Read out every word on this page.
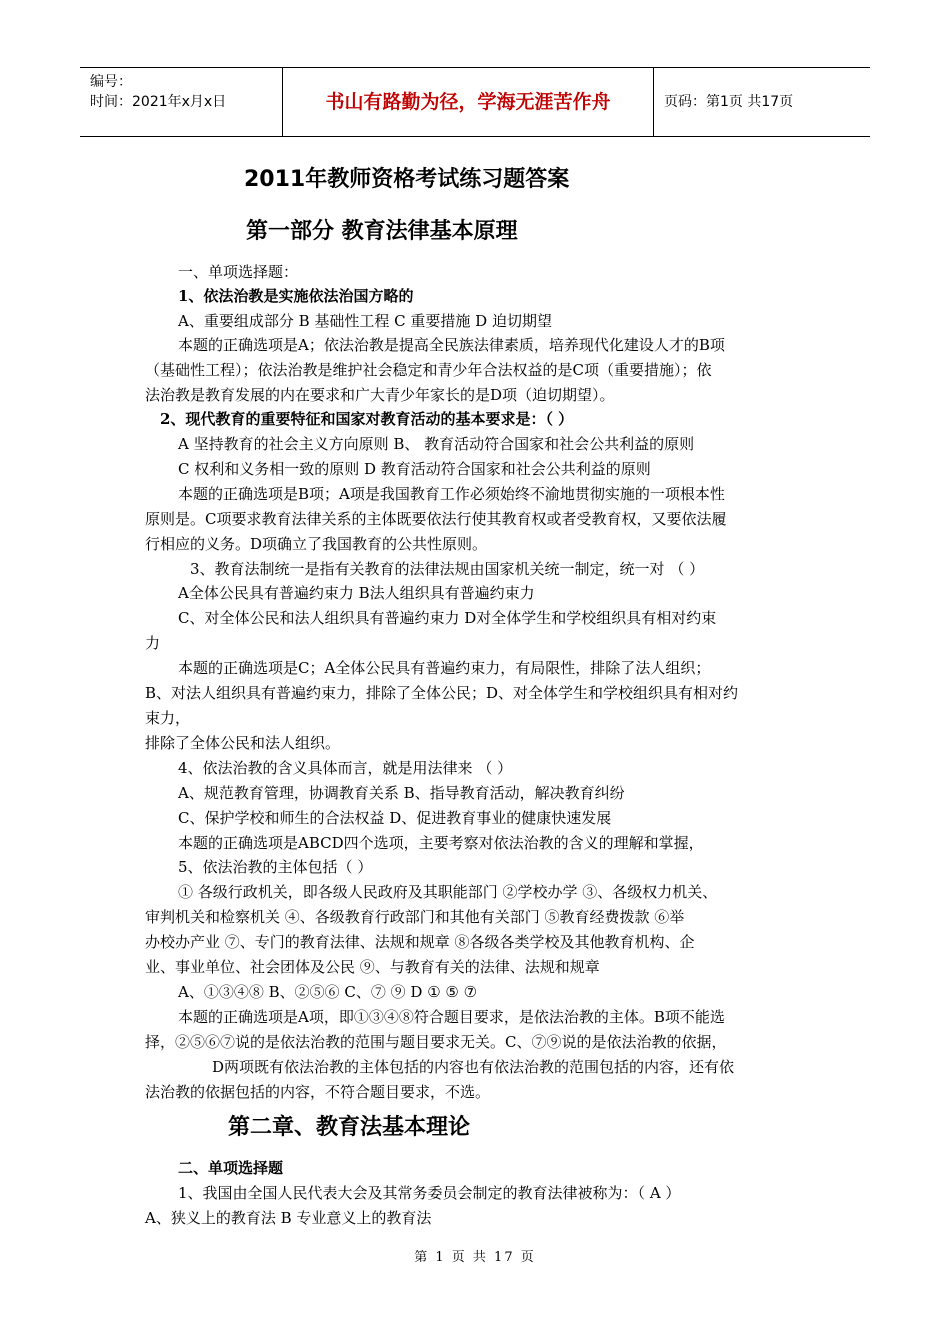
编号：
时间：2021年x月x日	书山有路勤为径，学海无涯苦作舟	页码：第1页 共17页
2011年教师资格考试练习题答案
第一部分 教育法律基本原理
一、单项选择题：
1、依法治教是实施依法治国方略的
A、重要组成部分 B 基础性工程 C 重要措施 D 迫切期望
本题的正确选项是A；依法治教是提高全民族法律素质，培养现代化建设人才的B项
（基础性工程）；依法治教是维护社会稳定和青少年合法权益的是C项（重要措施）；依
法治教是教育发展的内在要求和广大青少年家长的是D项（迫切期望）。
2、现代教育的重要特征和国家对教育活动的基本要求是：（ ）
A 坚持教育的社会主义方向原则 B、 教育活动符合国家和社会公共利益的原则
C 权利和义务相一致的原则 D 教育活动符合国家和社会公共利益的原则
本题的正确选项是B项；A项是我国教育工作必须始终不渝地贯彻实施的一项根本性
原则是。C项要求教育法律关系的主体既要依法行使其教育权或者受教育权，又要依法履
行相应的义务。D项确立了我国教育的公共性原则。
3、教育法制统一是指有关教育的法律法规由国家机关统一制定，统一对 （ ）
A全体公民具有普遍约束力 B法人组织具有普遍约束力
C、对全体公民和法人组织具有普遍约束力 D对全体学生和学校组织具有相对约束
力
本题的正确选项是C；A全体公民具有普遍约束力，有局限性，排除了法人组织；
B、对法人组织具有普遍约束力，排除了全体公民；D、对全体学生和学校组织具有相对约
束力，
排除了全体公民和法人组织。
4、依法治教的含义具体而言，就是用法律来 （ ）
A、规范教育管理，协调教育关系 B、指导教育活动，解决教育纠纷
C、保护学校和师生的合法权益 D、促进教育事业的健康快速发展
本题的正确选项是ABCD四个选项，主要考察对依法治教的含义的理解和掌握，
5、依法治教的主体包括（ ）
① 各级行政机关，即各级人民政府及其职能部门 ②学校办学 ③、各级权力机关、
审判机关和检察机关 ④、各级教育行政部门和其他有关部门 ⑤教育经费拨款 ⑥举
办校办产业 ⑦、专门的教育法律、法规和规章 ⑧各级各类学校及其他教育机构、企
业、事业单位、社会团体及公民 ⑨、与教育有关的法律、法规和规章
A、①③④⑧ B、②⑤⑥ C、⑦ ⑨ D ① ⑤ ⑦
本题的正确选项是A项，即①③④⑧符合题目要求，是依法治教的主体。B项不能选
择，②⑤⑥⑦说的是依法治教的范围与题目要求无关。C、⑦⑨说的是依法治教的依据，
D两项既有依法治教的主体包括的内容也有依法治教的范围包括的内容，还有依
法治教的依据包括的内容，不符合题目要求，不选。
第二章、教育法基本理论
二、单项选择题
1、我国由全国人民代表大会及其常务委员会制定的教育法律被称为：（ A ）
A、狭义上的教育法 B 专业意义上的教育法
第 1 页 共 17 页
